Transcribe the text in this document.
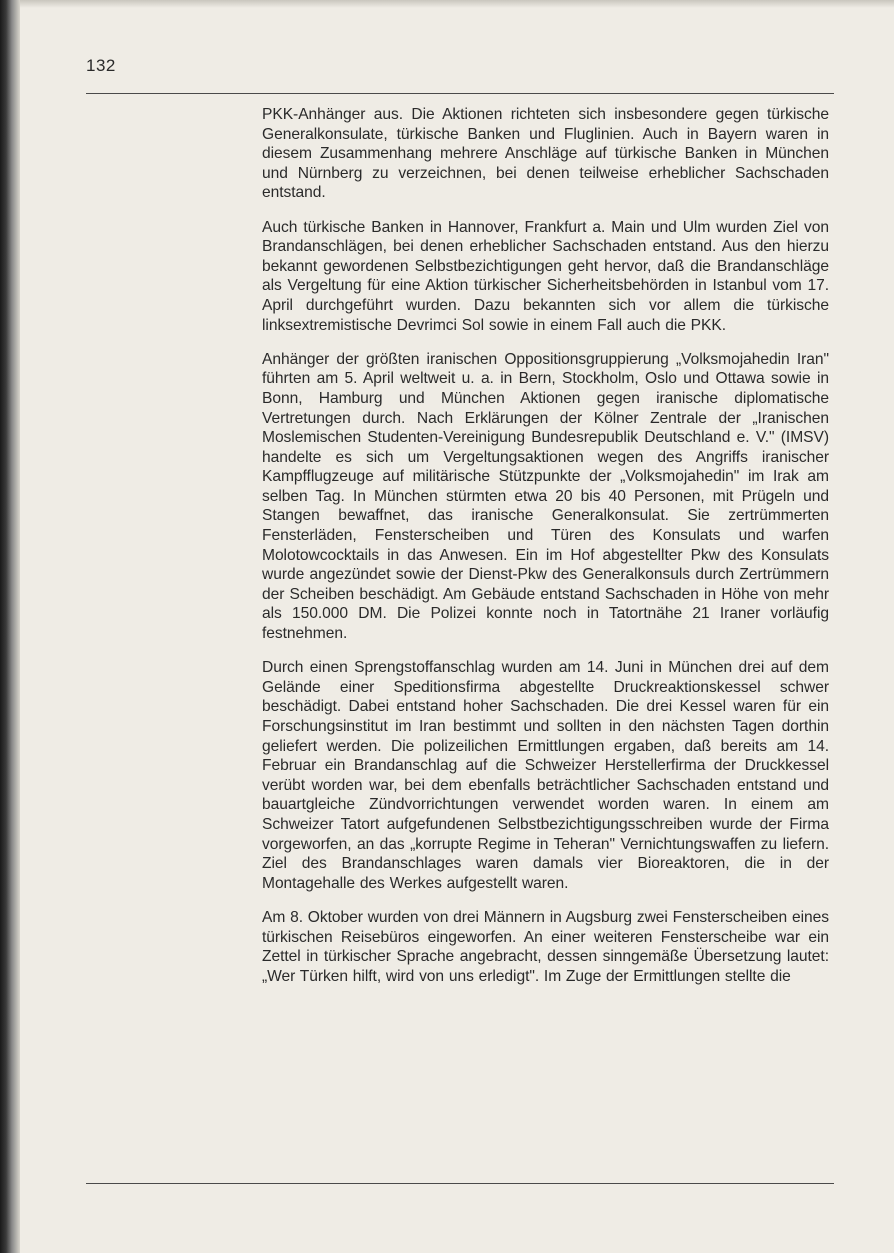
132

PKK-Anhänger aus. Die Aktionen richteten sich insbesondere gegen türkische Generalkonsulate, türkische Banken und Fluglinien. Auch in Bayern waren in diesem Zusammenhang mehrere Anschläge auf türkische Banken in München und Nürnberg zu verzeichnen, bei denen teilweise erheblicher Sachschaden entstand.

Auch türkische Banken in Hannover, Frankfurt a. Main und Ulm wurden Ziel von Brandanschlägen, bei denen erheblicher Sachschaden entstand. Aus den hierzu bekannt gewordenen Selbstbezichtigungen geht hervor, daß die Brandanschläge als Vergeltung für eine Aktion türkischer Sicherheitsbehörden in Istanbul vom 17. April durchgeführt wurden. Dazu bekannten sich vor allem die türkische linksextremistische Devrimci Sol sowie in einem Fall auch die PKK.

Anhänger der größten iranischen Oppositionsgruppierung „Volksmojahedin Iran" führten am 5. April weltweit u. a. in Bern, Stockholm, Oslo und Ottawa sowie in Bonn, Hamburg und München Aktionen gegen iranische diplomatische Vertretungen durch. Nach Erklärungen der Kölner Zentrale der „Iranischen Moslemischen Studenten-Vereinigung Bundesrepublik Deutschland e. V." (IMSV) handelte es sich um Vergeltungsaktionen wegen des Angriffs iranischer Kampfflugzeuge auf militärische Stützpunkte der „Volksmojahedin" im Irak am selben Tag. In München stürmten etwa 20 bis 40 Personen, mit Prügeln und Stangen bewaffnet, das iranische Generalkonsulat. Sie zertrümmerten Fensterläden, Fensterscheiben und Türen des Konsulats und warfen Molotowcocktails in das Anwesen. Ein im Hof abgestellter Pkw des Konsulats wurde angezündet sowie der Dienst-Pkw des Generalkonsuls durch Zertrümmern der Scheiben beschädigt. Am Gebäude entstand Sachschaden in Höhe von mehr als 150.000 DM. Die Polizei konnte noch in Tatortnähe 21 Iraner vorläufig festnehmen.

Durch einen Sprengstoffanschlag wurden am 14. Juni in München drei auf dem Gelände einer Speditionsfirma abgestellte Druckreaktionskessel schwer beschädigt. Dabei entstand hoher Sachschaden. Die drei Kessel waren für ein Forschungsinstitut im Iran bestimmt und sollten in den nächsten Tagen dorthin geliefert werden. Die polizeilichen Ermittlungen ergaben, daß bereits am 14. Februar ein Brandanschlag auf die Schweizer Herstellerfirma der Druckkessel verübt worden war, bei dem ebenfalls beträchtlicher Sachschaden entstand und bauartgleiche Zündvorrichtungen verwendet worden waren. In einem am Schweizer Tatort aufgefundenen Selbstbezichtigungsschreiben wurde der Firma vorgeworfen, an das „korrupte Regime in Teheran" Vernichtungswaffen zu liefern. Ziel des Brandanschlages waren damals vier Bioreaktoren, die in der Montagehalle des Werkes aufgestellt waren.

Am 8. Oktober wurden von drei Männern in Augsburg zwei Fensterscheiben eines türkischen Reisebüros eingeworfen. An einer weiteren Fensterscheibe war ein Zettel in türkischer Sprache angebracht, dessen sinngemäße Übersetzung lautet: „Wer Türken hilft, wird von uns erledigt". Im Zuge der Ermittlungen stellte die
